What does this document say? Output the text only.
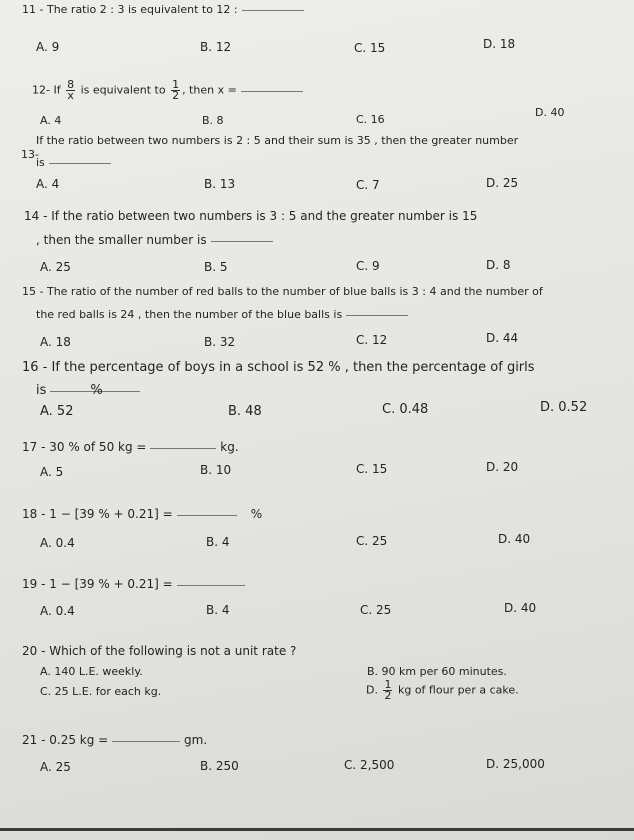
11 - The ratio 2 : 3 is equivalent to 12 :
A. 9	B. 12	C. 15	D. 18
12- If $\frac{8}{x}$ is equivalent to $\frac{1}{2}$ , then x =
A. 4	B. 8	C. 16
D. 40
13-
If the ratio between two numbers is 2 : 5 and their sum is 35 , then the greater number
is
A. 4	B. 13	C. 7	D. 25
14 - If the ratio between two numbers is 3 : 5 and the greater number is 15
, then the smaller number is
A. 25	B. 5	C. 9	D. 8
15 - The ratio of the number of red balls to the number of blue balls is 3 : 4 and the number of
the red balls is 24 , then the number of the blue balls is
A. 18	B. 32	C. 12	D. 44
16 - If the percentage of boys in a school is 52 % , then the percentage of girls
is	%
A. 52	B. 48	C. 0.48	D. 0.52
17 - 30 % of 50 kg =	kg.
A. 5	B. 10	C. 15	D. 20
18 - 1 − [39 % + 0.21] =	%
A. 0.4	B. 4	C. 25	D. 40
19 - 1 − [39 % + 0.21] =
A. 0.4	B. 4	C. 25	D. 40
20 - Which of the following is not a unit rate ?
A. 140 L.E. weekly.	B. 90 km per 60 minutes.
C. 25 L.E. for each kg.	D. $\frac{1}{2}$ kg of flour per a cake.
21 - 0.25 kg =	gm.
A. 25	B. 250	C. 2,500	D. 25,000
